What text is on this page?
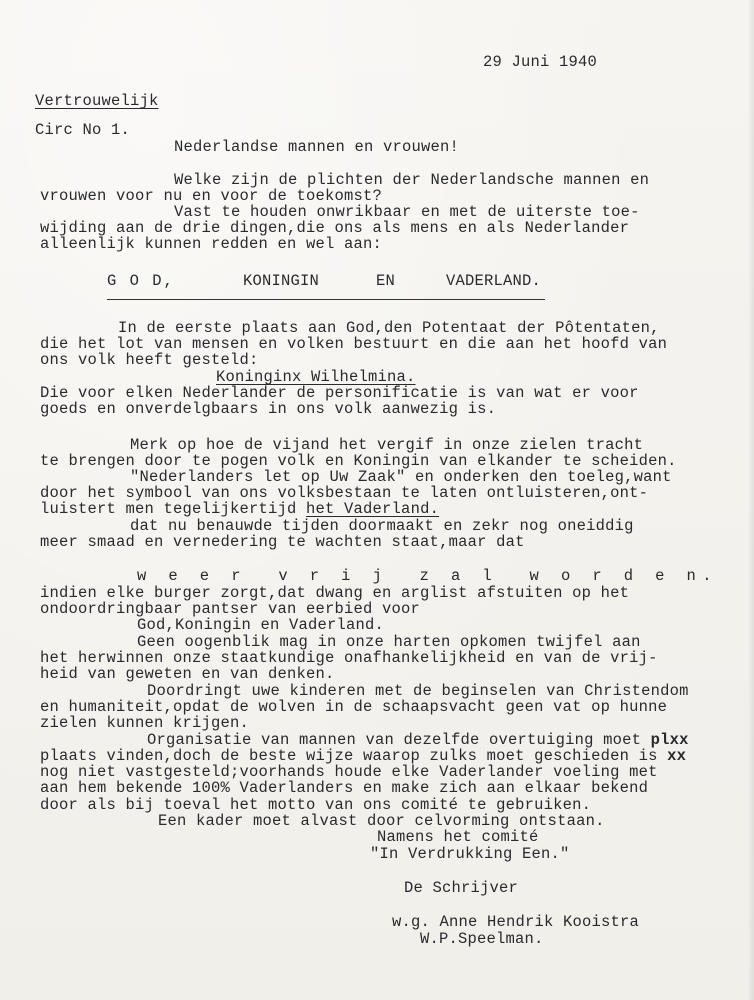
29 Juni 1940
Vertrouwelijk
Circ No 1.
Nederlandse mannen en vrouwen!
Welke zijn de plichten der Nederlandsche mannen en
vrouwen voor nu en voor de toekomst?
Vast te houden onwrikbaar en met de uiterste toe-
wijding aan de drie dingen,die ons als mens en als Nederlander
alleenlijk kunnen redden en wel aan:
G O D,	KONINGIN	EN	VADERLAND.
In de eerste plaats aan God,den Potentaat der Pôtentaten,
die het lot van mensen en volken bestuurt en die aan het hoofd van
ons volk heeft gesteld:
Koninginx Wilhelmina.
Die voor elken Nederlander de personificatie is van wat er voor
goeds en onverdelgbaars in ons volk aanwezig is.
Merk op hoe de vijand het vergif in onze zielen tracht
te brengen door te pogen volk en Koningin van elkander te scheiden.
"Nederlanders let op Uw Zaak" en onderken den toeleg,want
door het symbool van ons volksbestaan te laten ontluisteren,ont-
luistert men tegelijkertijd het Vaderland.
dat nu benauwde tijden doormaakt en zekr nog oneiddig
meer smaad en vernedering te wachten staat,maar dat
w e e r  v r i j  z a l  w o r d e n.
indien elke burger zorgt,dat dwang en arglist afstuiten op het
ondoordringbaar pantser van eerbied voor
God,Koningin en Vaderland.
Geen oogenblik mag in onze harten opkomen twijfel aan
het herwinnen onze staatkundige onafhankelijkheid en van de vrij-
heid van geweten en van denken.
Doordringt uwe kinderen met de beginselen van Christendom
en humaniteit,opdat de wolven in de schaapsvacht geen vat op hunne
zielen kunnen krijgen.
Organisatie van mannen van dezelfde overtuiging moet plxx
plaats vinden,doch de beste wijze waarop zulks moet geschieden is xx
nog niet vastgesteld;voorhands houde elke Vaderlander voeling met
aan hem bekende 100% Vaderlanders en make zich aan elkaar bekend
door als bij toeval het motto van ons comité te gebruiken.
Een kader moet alvast door celvorming ontstaan.
Namens het comité
"In Verdrukking Een."
De Schrijver
w.g. Anne Hendrik Kooistra
W.P.Speelman.
